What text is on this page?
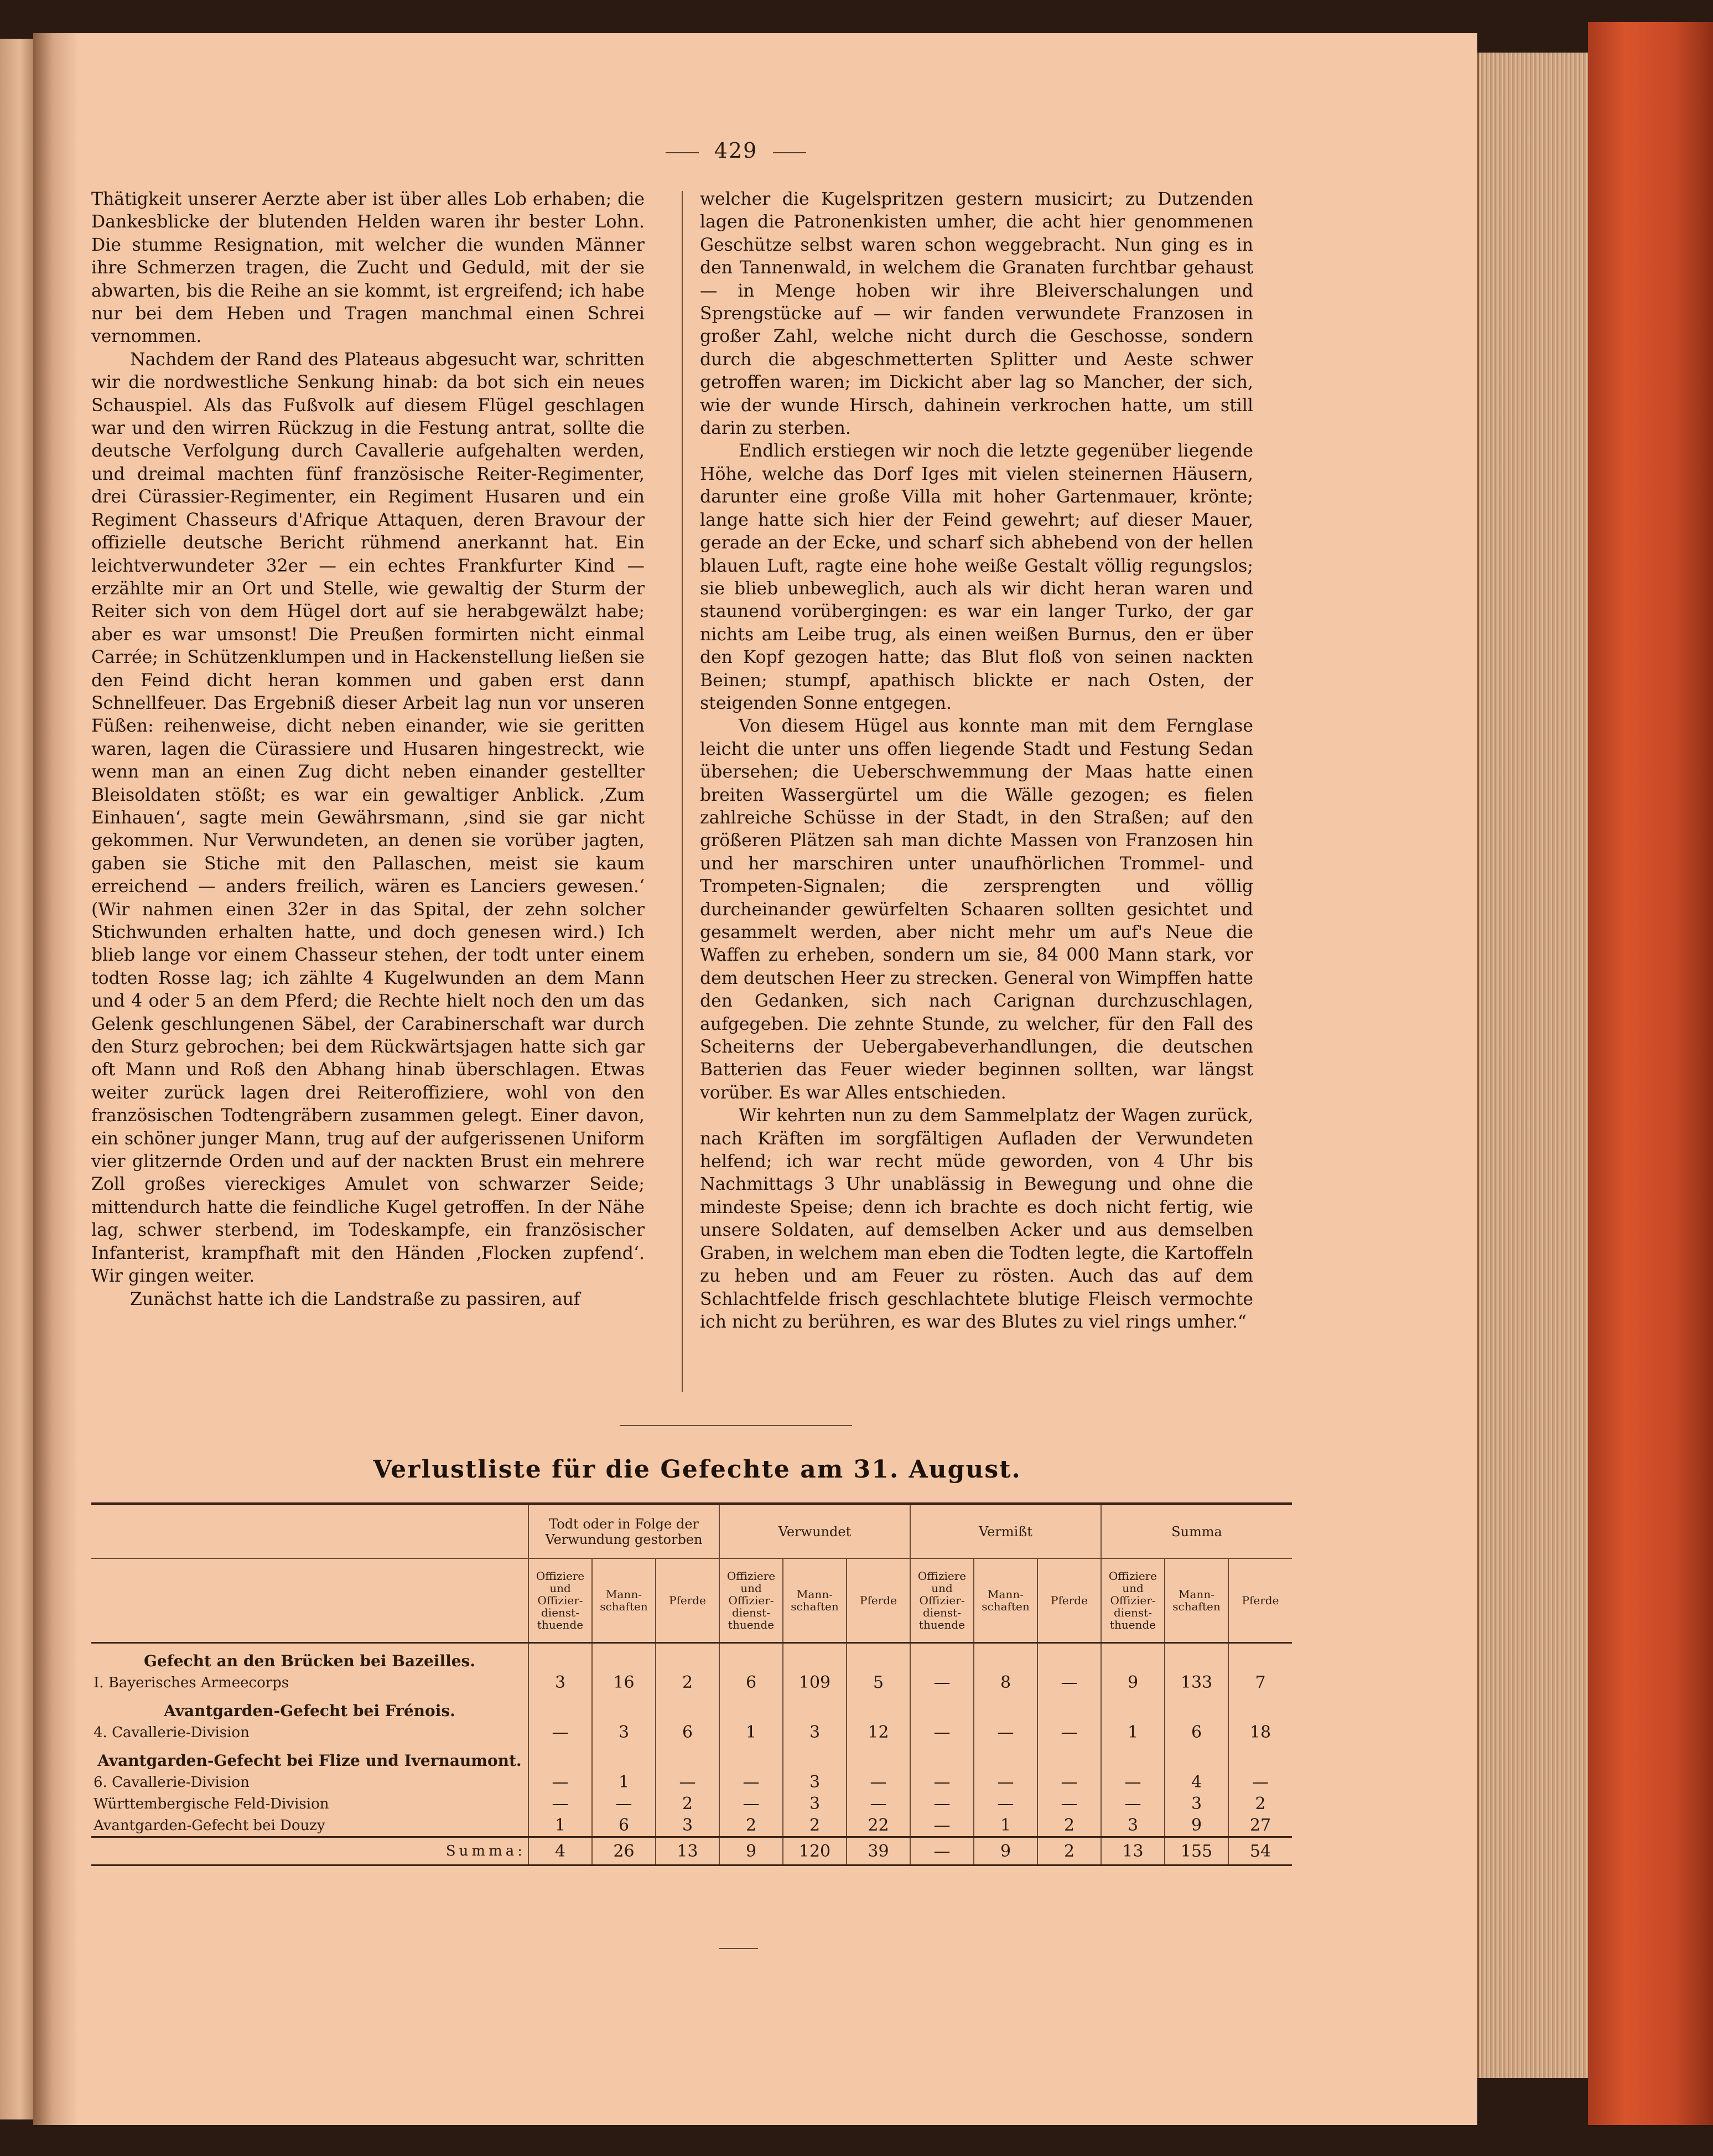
429

Thätigkeit unserer Aerzte aber ist über alles Lob erhaben; die Dankesblicke der blutenden Helden waren ihr bester Lohn. Die stumme Resignation, mit welcher die wunden Männer ihre Schmerzen tragen, die Zucht und Geduld, mit der sie abwarten, bis die Reihe an sie kommt, ist ergreifend; ich habe nur bei dem Heben und Tragen manchmal einen Schrei vernommen.

Nachdem der Rand des Plateaus abgesucht war, schritten wir die nordwestliche Senkung hinab: da bot sich ein neues Schauspiel. Als das Fußvolk auf diesem Flügel geschlagen war und den wirren Rückzug in die Festung antrat, sollte die deutsche Verfolgung durch Cavallerie aufgehalten werden, und dreimal machten fünf französische Reiter-Regimenter, drei Cürassier-Regimenter, ein Regiment Husaren und ein Regiment Chasseurs d'Afrique Attaquen, deren Bravour der offizielle deutsche Bericht rühmend anerkannt hat. Ein leichtverwundeter 32er — ein echtes Frankfurter Kind — erzählte mir an Ort und Stelle, wie gewaltig der Sturm der Reiter sich von dem Hügel dort auf sie herabgewälzt habe; aber es war umsonst! Die Preußen formirten nicht einmal Carrée; in Schützenklumpen und in Hackenstellung ließen sie den Feind dicht heran kommen und gaben erst dann Schnellfeuer. Das Ergebniß dieser Arbeit lag nun vor unseren Füßen: reihenweise, dicht neben einander, wie sie geritten waren, lagen die Cürassiere und Husaren hingestreckt, wie wenn man an einen Zug dicht neben einander gestellter Bleisoldaten stößt; es war ein gewaltiger Anblick. ‚Zum Einhauen‘, sagte mein Gewährsmann, ‚sind sie gar nicht gekommen. Nur Verwundeten, an denen sie vorüber jagten, gaben sie Stiche mit den Pallaschen, meist sie kaum erreichend — anders freilich, wären es Lanciers gewesen.‘ (Wir nahmen einen 32er in das Spital, der zehn solcher Stichwunden erhalten hatte, und doch genesen wird.) Ich blieb lange vor einem Chasseur stehen, der todt unter einem todten Rosse lag; ich zählte 4 Kugelwunden an dem Mann und 4 oder 5 an dem Pferd; die Rechte hielt noch den um das Gelenk geschlungenen Säbel, der Carabinerschaft war durch den Sturz gebrochen; bei dem Rückwärtsjagen hatte sich gar oft Mann und Roß den Abhang hinab überschlagen. Etwas weiter zurück lagen drei Reiteroffiziere, wohl von den französischen Todtengräbern zusammen gelegt. Einer davon, ein schöner junger Mann, trug auf der aufgerissenen Uniform vier glitzernde Orden und auf der nackten Brust ein mehrere Zoll großes viereckiges Amulet von schwarzer Seide; mittendurch hatte die feindliche Kugel getroffen. In der Nähe lag, schwer sterbend, im Todeskampfe, ein französischer Infanterist, krampfhaft mit den Händen ‚Flocken zupfend‘. Wir gingen weiter.

Zunächst hatte ich die Landstraße zu passiren, auf

welcher die Kugelspritzen gestern musicirt; zu Dutzenden lagen die Patronenkisten umher, die acht hier genommenen Geschütze selbst waren schon weggebracht. Nun ging es in den Tannenwald, in welchem die Granaten furchtbar gehaust — in Menge hoben wir ihre Bleiverschalungen und Sprengstücke auf — wir fanden verwundete Franzosen in großer Zahl, welche nicht durch die Geschosse, sondern durch die abgeschmetterten Splitter und Aeste schwer getroffen waren; im Dickicht aber lag so Mancher, der sich, wie der wunde Hirsch, dahinein verkrochen hatte, um still darin zu sterben.

Endlich erstiegen wir noch die letzte gegenüber liegende Höhe, welche das Dorf Iges mit vielen steinernen Häusern, darunter eine große Villa mit hoher Gartenmauer, krönte; lange hatte sich hier der Feind gewehrt; auf dieser Mauer, gerade an der Ecke, und scharf sich abhebend von der hellen blauen Luft, ragte eine hohe weiße Gestalt völlig regungslos; sie blieb unbeweglich, auch als wir dicht heran waren und staunend vorübergingen: es war ein langer Turko, der gar nichts am Leibe trug, als einen weißen Burnus, den er über den Kopf gezogen hatte; das Blut floß von seinen nackten Beinen; stumpf, apathisch blickte er nach Osten, der steigenden Sonne entgegen.

Von diesem Hügel aus konnte man mit dem Fernglase leicht die unter uns offen liegende Stadt und Festung Sedan übersehen; die Ueberschwemmung der Maas hatte einen breiten Wassergürtel um die Wälle gezogen; es fielen zahlreiche Schüsse in der Stadt, in den Straßen; auf den größeren Plätzen sah man dichte Massen von Franzosen hin und her marschiren unter unaufhörlichen Trommel- und Trompeten-Signalen; die zersprengten und völlig durcheinander gewürfelten Schaaren sollten gesichtet und gesammelt werden, aber nicht mehr um auf's Neue die Waffen zu erheben, sondern um sie, 84 000 Mann stark, vor dem deutschen Heer zu strecken. General von Wimpffen hatte den Gedanken, sich nach Carignan durchzuschlagen, aufgegeben. Die zehnte Stunde, zu welcher, für den Fall des Scheiterns der Uebergabeverhandlungen, die deutschen Batterien das Feuer wieder beginnen sollten, war längst vorüber. Es war Alles entschieden.

Wir kehrten nun zu dem Sammelplatz der Wagen zurück, nach Kräften im sorgfältigen Aufladen der Verwundeten helfend; ich war recht müde geworden, von 4 Uhr bis Nachmittags 3 Uhr unablässig in Bewegung und ohne die mindeste Speise; denn ich brachte es doch nicht fertig, wie unsere Soldaten, auf demselben Acker und aus demselben Graben, in welchem man eben die Todten legte, die Kartoffeln zu heben und am Feuer zu rösten. Auch das auf dem Schlachtfelde frisch geschlachtete blutige Fleisch vermochte ich nicht zu berühren, es war des Blutes zu viel rings umher.“

Verlustliste für die Gefechte am 31. August.
	Todt oder in Folge der Verwundung gestorben			Verwundet			Vermißt			Summa		
	Offiziere und Offizier-dienst-thuende	Mann-schaften	Pferde	Offiziere und Offizier-dienst-thuende	Mann-schaften	Pferde	Offiziere und Offizier-dienst-thuende	Mann-schaften	Pferde	Offiziere und Offizier-dienst-thuende	Mann-schaften	Pferde
Gefecht an den Brücken bei Bazeilles.												
I. Bayerisches Armeecorps	3	16	2	6	109	5	—	8	—	9	133	7
Avantgarden-Gefecht bei Frénois.												
4. Cavallerie-Division	—	3	6	1	3	12	—	—	—	1	6	18
Avantgarden-Gefecht bei Flize und Ivernaumont.												
6. Cavallerie-Division	—	1	—	—	3	—	—	—	—	—	4	—
Württembergische Feld-Division	—	—	2	—	3	—	—	—	—	—	3	2
Avantgarden-Gefecht bei Douzy	1	6	3	2	2	22	—	1	2	3	9	27
Summa:	4	26	13	9	120	39	—	9	2	13	155	54
